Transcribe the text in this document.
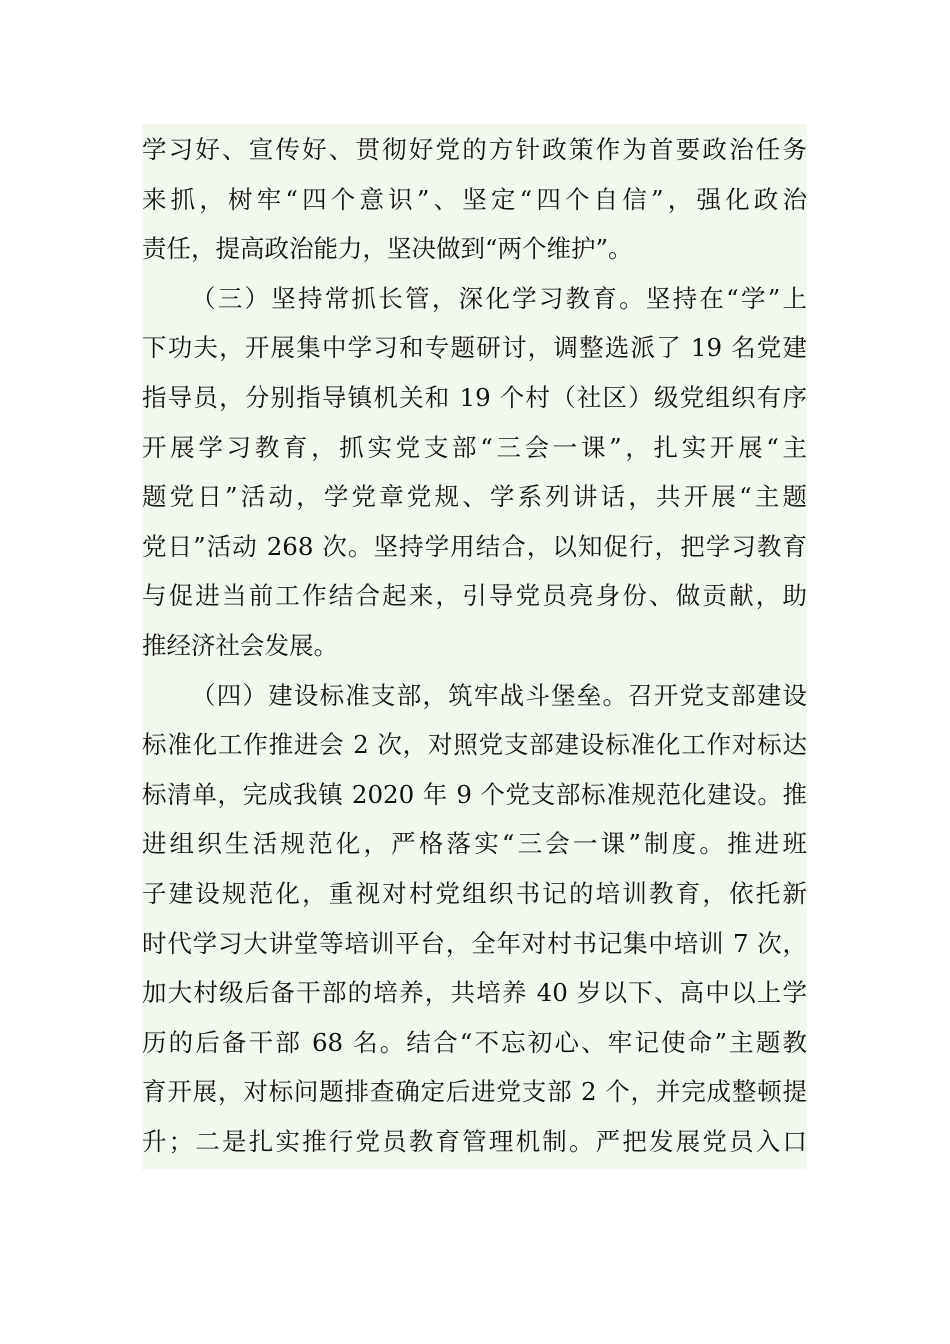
学习好、宣传好、贯彻好党的方针政策作为首要政治任务
来抓，树牢“四个意识”、坚定“四个自信”，强化政治
责任，提高政治能力，坚决做到“两个维护”。
（三）坚持常抓长管，深化学习教育。坚持在“学”上
下功夫，开展集中学习和专题研讨，调整选派了 19 名党建
指导员，分别指导镇机关和 19 个村（社区）级党组织有序
开展学习教育，抓实党支部“三会一课”，扎实开展“主
题党日”活动，学党章党规、学系列讲话，共开展“主题
党日”活动 268 次。坚持学用结合，以知促行，把学习教育
与促进当前工作结合起来，引导党员亮身份、做贡献，助
推经济社会发展。
（四）建设标准支部，筑牢战斗堡垒。召开党支部建设
标准化工作推进会 2 次，对照党支部建设标准化工作对标达
标清单，完成我镇 2020 年 9 个党支部标准规范化建设。推
进组织生活规范化，严格落实“三会一课”制度。推进班
子建设规范化，重视对村党组织书记的培训教育，依托新
时代学习大讲堂等培训平台，全年对村书记集中培训 7 次，
加大村级后备干部的培养，共培养 40 岁以下、高中以上学
历的后备干部 68 名。结合“不忘初心、牢记使命”主题教
育开展，对标问题排查确定后进党支部 2 个，并完成整顿提
升；二是扎实推行党员教育管理机制。严把发展党员入口
